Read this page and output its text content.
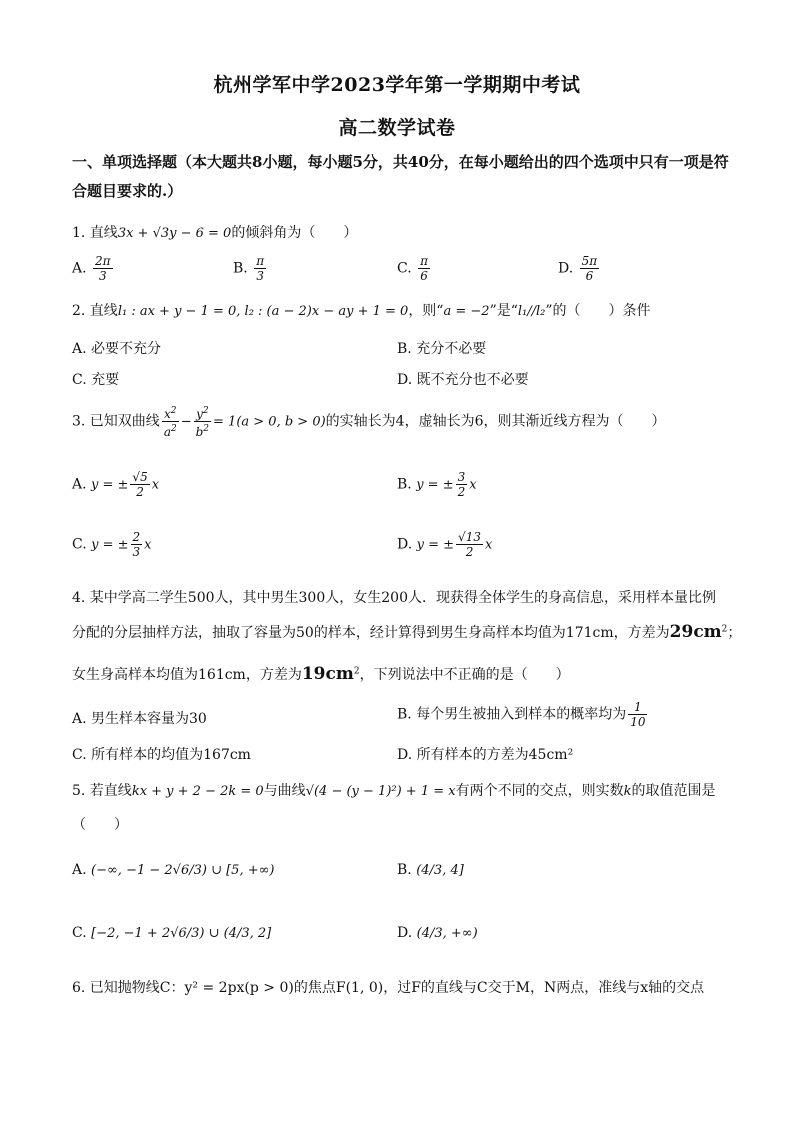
杭州学军中学2023学年第一学期期中考试
高二数学试卷
一、单项选择题（本大题共8小题，每小题5分，共40分，在每小题给出的四个选项中只有一项是符合题目要求的.）
1. 直线3x + √3y − 6 = 0的倾斜角为（　　）
A. $\frac{2\pi}{3}$	B. $\frac{\pi}{3}$	C. $\frac{\pi}{6}$	D. $\frac{5\pi}{6}$
2. 直线l₁ : ax + y − 1 = 0, l₂ : (a − 2)x − ay + 1 = 0，则“a = −2”是“l₁//l₂”的（　　）条件
A. 必要不充分	B. 充分不必要
C. 充要	D. 既不充分也不必要
3. 已知双曲线 $\frac{x^2}{a^2} - \frac{y^2}{b^2} = 1(a > 0$, b > 0)的实轴长为4，虚轴长为6，则其渐近线方程为（　　）
A. y = ± $\frac{√5}{2}$ x	B. y = ± $\frac{3}{2}$ x
C. y = ± $\frac{2}{3}$ x	D. y = ± $\frac{√13}{2}$ x
4. 某中学高二学生500人，其中男生300人，女生200人．现获得全体学生的身高信息，采用样本量比例
分配的分层抽样方法，抽取了容量为50的样本，经计算得到男生身高样本均值为171cm，方差为$29cm^2$；
女生身高样本均值为161cm，方差为$19cm^2$，下列说法中不正确的是（　　）
A. 男生样本容量为30	B. 每个男生被抽入到样本的概率均为 $\frac{1}{10}$
C. 所有样本的均值为167cm	D. 所有样本的方差为45cm²
5. 若直线kx + y + 2 − 2k = 0与曲线√(4 − (y − 1)²) + 1 = x有两个不同的交点，则实数k的取值范围是
（　　）
A. (−∞, −1 − 2√6/3) ∪ [5, +∞)	B. (4/3, 4]
C. [−2, −1 + 2√6/3) ∪ (4/3, 2]	D. (4/3, +∞)
6. 已知抛物线C：y² = 2px(p > 0)的焦点F(1, 0)，过F的直线与C交于M，N两点，准线与x轴的交点
